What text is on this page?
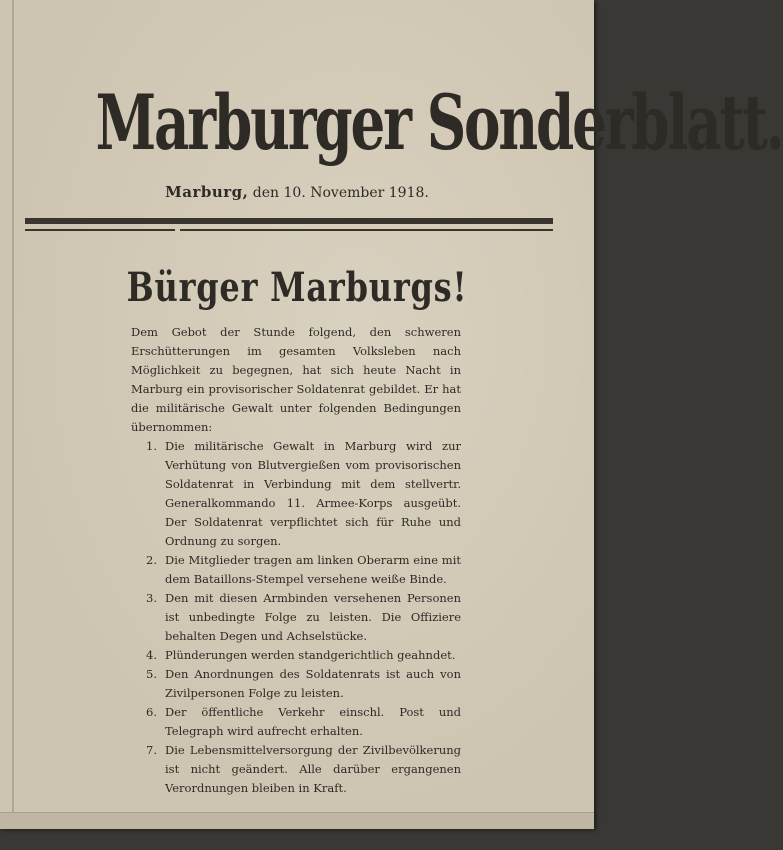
Marburger Sonderblatt.
Marburg, den 10. November 1918.
Bürger Marburgs!
Dem Gebot der Stunde folgend, den schweren Erschütterungen im gesamten Volksleben nach Möglichkeit zu begegnen, hat sich heute Nacht in Marburg ein provisorischer Soldatenrat gebildet. Er hat die militärische Gewalt unter folgenden Bedingungen übernommen:
1. Die militärische Gewalt in Marburg wird zur Verhütung von Blutvergießen vom provisorischen Soldatenrat in Verbindung mit dem stellvertr. Generalkommando 11. Armee-Korps ausgeübt. Der Soldatenrat verpflichtet sich für Ruhe und Ordnung zu sorgen.
2. Die Mitglieder tragen am linken Oberarm eine mit dem Bataillons-Stempel versehene weiße Binde.
3. Den mit diesen Armbinden versehenen Personen ist unbedingte Folge zu leisten. Die Offiziere behalten Degen und Achselstücke.
4. Plünderungen werden standgerichtlich geahndet.
5. Den Anordnungen des Soldatenrats ist auch von Zivilpersonen Folge zu leisten.
6. Der öffentliche Verkehr einschl. Post und Telegraph wird aufrecht erhalten.
7. Die Lebensmittelversorgung der Zivilbevölkerung ist nicht geändert. Alle darüber ergangenen Verordnungen bleiben in Kraft.
